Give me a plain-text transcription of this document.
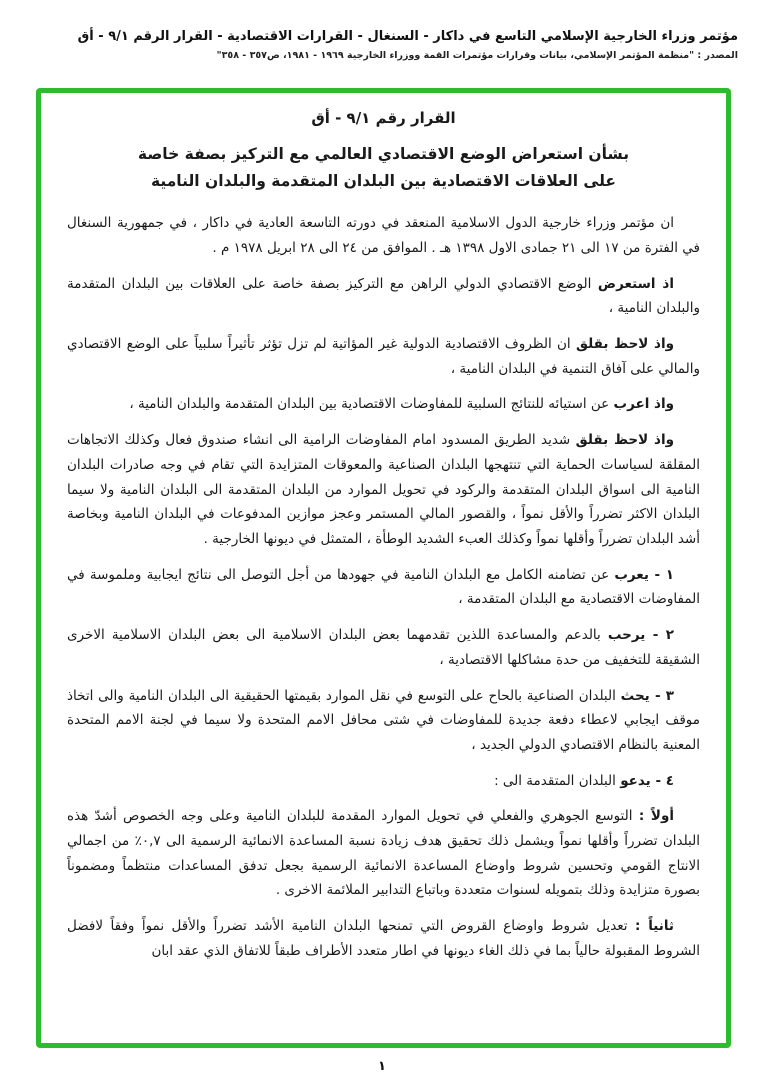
مؤتمر وزراء الخارجية الإسلامي التاسع في داكار - السنغال - القرارات الاقتصادية - القرار الرقم ٩/١ - أق
المصدر : "منظمة المؤتمر الإسلامي، بيانات وقرارات مؤتمرات القمة ووزراء الخارجية ١٩٦٩ - ١٩٨١، ص٣٥٧ - ٣٥٨"
القرار رقم ٩/١ - أق
بشأن استعراض الوضع الاقتصادي العالمي مع التركيز بصفة خاصة
على العلاقات الاقتصادية بين البلدان المتقدمة والبلدان النامية

ان مؤتمر وزراء خارجية الدول الاسلامية المنعقد في دورته التاسعة العادية في داكار ، في جمهورية السنغال في الفترة من ١٧ الى ٢١ جمادى الاول ١٣٩٨ هـ . الموافق من ٢٤ الى ٢٨ ابريل ١٩٧٨ م .

اذ استعرض الوضع الاقتصادي الدولي الراهن مع التركيز بصفة خاصة على العلاقات بين البلدان المتقدمة والبلدان النامية ،

واذ لاحظ بقلق ان الظروف الاقتصادية الدولية غير المؤاتية لم تزل تؤثر تأثيراً سلبياً على الوضع الاقتصادي والمالي على آفاق التنمية في البلدان النامية ،

واذ اعرب عن استيائه للنتائج السلبية للمفاوضات الاقتصادية بين البلدان المتقدمة والبلدان النامية ،

واذ لاحظ بقلق شديد الطريق المسدود امام المفاوضات الرامية الى انشاء صندوق فعال وكذلك الاتجاهات المقلقة لسياسات الحماية التي تنتهجها البلدان الصناعية والمعوقات المتزايدة التي تقام في وجه صادرات البلدان النامية الى اسواق البلدان المتقدمة والركود في تحويل الموارد من البلدان المتقدمة الى البلدان النامية ولا سيما البلدان الاكثر تضرراً والأقل نمواً ، والقصور المالي المستمر وعجز موازين المدفوعات في البلدان النامية وبخاصة أشد البلدان تضرراً وأقلها نمواً وكذلك العبء الشديد الوطأة ، المتمثل في ديونها الخارجية .

١ - يعرب عن تضامنه الكامل مع البلدان النامية في جهودها من أجل التوصل الى نتائج ايجابية وملموسة في المفاوضات الاقتصادية مع البلدان المتقدمة ،

٢ - يرحب بالدعم والمساعدة اللذين تقدمهما بعض البلدان الاسلامية الى بعض البلدان الاسلامية الاخرى الشقيقة للتخفيف من حدة مشاكلها الاقتصادية ،

٣ - يحث البلدان الصناعية بالحاح على التوسع في نقل الموارد بقيمتها الحقيقية الى البلدان النامية والى اتخاذ موقف ايجابي لاعطاء دفعة جديدة للمفاوضات في شتى محافل الامم المتحدة ولا سيما في لجنة الامم المتحدة المعنية بالنظام الاقتصادي الدولي الجديد ،

٤ - يدعو البلدان المتقدمة الى :

أولاً : التوسع الجوهري والفعلي في تحويل الموارد المقدمة للبلدان النامية وعلى وجه الخصوص أشدّ هذه البلدان تضرراً وأقلها نمواً ويشمل ذلك تحقيق هدف زيادة نسبة المساعدة الانمائية الرسمية الى ٠,٧٪ من اجمالي الانتاج القومي وتحسين شروط واوضاع المساعدة الانمائية الرسمية بجعل تدفق المساعدات منتظماً ومضموناً بصورة متزايدة وذلك بتمويله لسنوات متعددة وباتباع التدابير الملائمة الاخرى .

ثانياً : تعديل شروط واوضاع القروض التي تمنحها البلدان النامية الأشد تضرراً والأقل نمواً وفقاً لافضل الشروط المقبولة حالياً بما في ذلك الغاء ديونها في اطار متعدد الأطراف طبقاً للاتفاق الذي عقد ابان

١
